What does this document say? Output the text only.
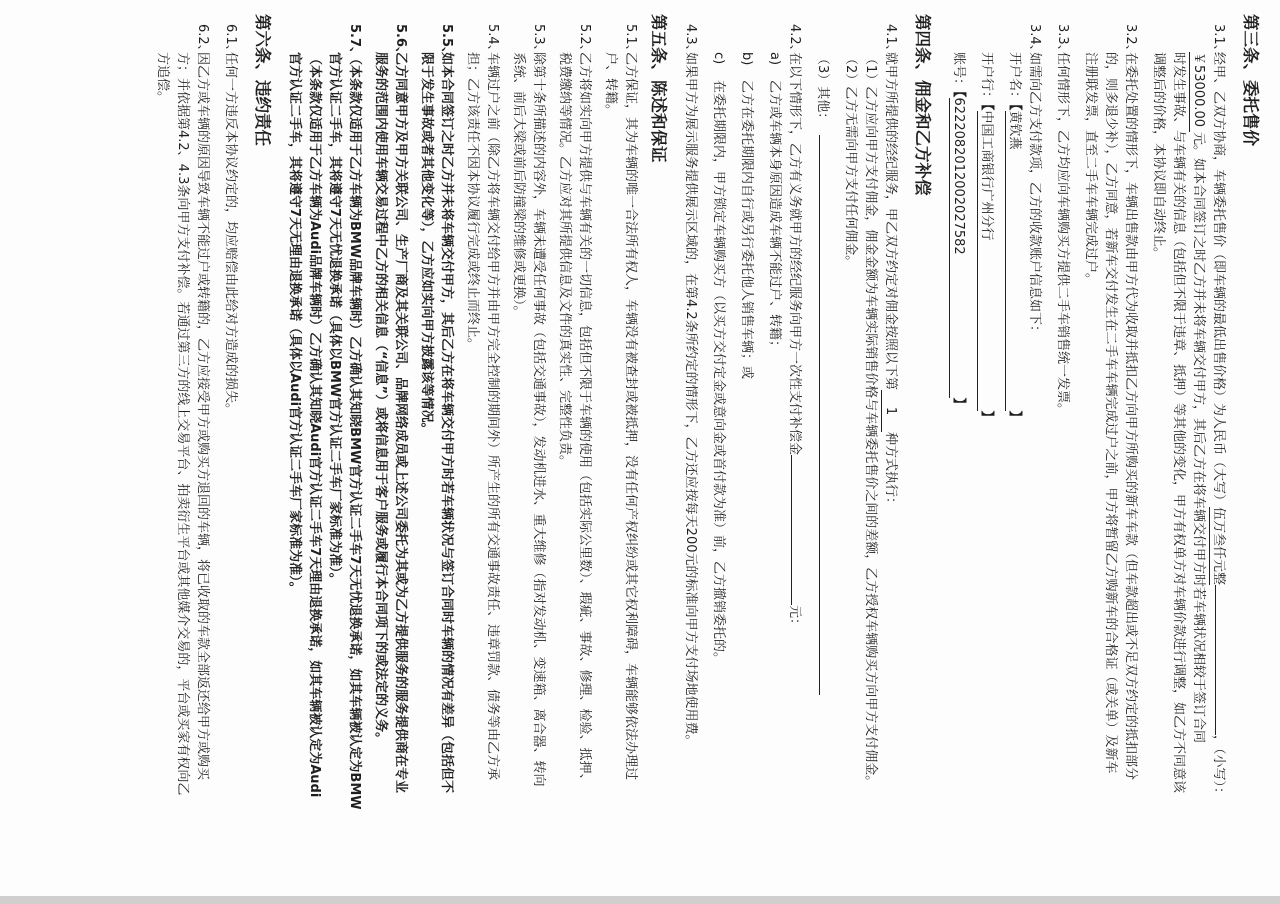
第三条、委托售价
3.1、经甲、乙双方协商，车辆委托售价（即车辆的最低出售价格）为人民币（大写）伍万叁仟元整，（小写）：
￥53000.00元。如本合同签订之时乙方并未将车辆交付甲方，其后乙方在将车辆交付甲方时若车辆状况相较于签订合同
时发生事故、与车辆有关的信息（包括但不限于违章、抵押）等其他的变化，甲方有权单方对车辆价款进行调整，如乙方不同意该
调整后的价格，本协议即自动终止。
3.2、在委托处置的情形下，车辆出售款由甲方代为收取并抵扣乙方向甲方所购买的新车车款（但车款超出或不足双方约定的抵扣部分
的，则多退少补），乙方同意，若新车交付发生在二手车车辆完成过户之前，甲方将暂留乙方购新车的合格证（或关单）及新车
注册联发票，直至二手车车辆完成过户。
3.3、任何情形下，乙方均应向车辆购买方提供二手车销售统一发票。
3.4、如需向乙方支付款项，乙方的收款账户信息如下：
开户名：【黄钦燕】
开户行：【中国工商银行广州分行】
账号：【6222082012002027582】
第四条、佣金和乙方补偿
4.1、就甲方所提供的经纪服务，甲乙双方约定对佣金按照以下第1种方式执行：
（1）乙方应向甲方支付佣金，佣金金额为车辆实际销售价格与车辆委托售价之间的差额，乙方授权车辆购买方向甲方支付佣金。
（2）乙方无需向甲方支付任何佣金。
（3）其他：
4.2、在以下情形下，乙方有义务就甲方的经纪服务向甲方一次性支付补偿金元：
a)乙方或车辆本身原因造成车辆不能过户、转籍；
b)乙方在委托期限内自行或另行委托他人销售车辆；或
c)在委托期限内，甲方锁定车辆购买方（以买方交付定金或意向金或首付款为准）前，乙方撤销委托的。
4.3、如果甲方为展示服务提供展示区域的，在第4.2条所约定的情形下，乙方还应按每天200元的标准向甲方支付场地使用费。
第五条、陈述和保证
5.1、乙方保证，其为车辆的唯一合法所有权人，车辆没有被查封或被抵押，没有任何产权纠纷或其它权利障碍，车辆能够依法办理过
户、转籍。
5.2、乙方将如实向甲方提供与车辆有关的一切信息，包括但不限于车辆的使用（包括实际公里数）、瑕疵、事故、修理、检验、抵押、
税费缴纳等情况。乙方应对其所提供信息及文件的真实性、完整性负责。
5.3、除第十条所描述的内容外，车辆未遭受任何事故（包括交通事故），发动机进水、重大维修（指对发动机、变速箱、离合器、转向
系统、前后大梁或前后防撞梁的维修或更换）。
5.4、车辆过户之前（除乙方将车辆交付给甲方并由甲方完全控制的期间外）所产生的所有交通事故责任、违章罚款、债务等由乙方承
担；乙方该责任不因本协议履行完成或终止而终止。
5.5、如本合同签订之时乙方并未将车辆交付甲方，其后乙方在将车辆交付甲方时若车辆状况与签订合同时车辆的情况有差异（包括但不
限于发生事故或者其他变化等），乙方应如实向甲方披露该等情况。
5.6、乙方同意甲方及甲方关联公司、生产厂商及其关联公司、品牌网络成员或上述公司委托为其或为乙方提供服务的服务提供商在专业
服务的范围内使用车辆交易过程中乙方的相关信息（“信息”）或将信息用于客户服务或履行本合同项下的或法定的义务。
5.7、（本条款仅适用于乙方车辆为BMW品牌车辆时）乙方确认其知晓BMW官方认证二手车7天无忧退换承诺，如其车辆被认定为BMW
官方认证二手车，其将遵守7天无忧退换承诺（具体以BMW官方认证二手车厂家标准为准）。
（本条款仅适用于乙方车辆为Audi品牌车辆时）乙方确认其知晓Audi官方认证二手车7天理由退换承诺，如其车辆被认定为Audi
官方认证二手车，其将遵守7天无理由退换承诺（具体以Audi官方认证二手车厂家标准为准）。
第六条、违约责任
6.1、任何一方违反本协议约定的，均应赔偿由此给对方造成的损失。
6.2、因乙方或车辆的原因导致车辆不能过户或转籍的，乙方应接受甲方或购买方退回的车辆，将已收取的车款全部返还给甲方或购买
方；并依据第4.2、4.3条向甲方支付补偿。若通过第三方的线上交易平台、拍卖衍生平台或其他媒介交易的，平台或买家有权向乙
方追偿。
